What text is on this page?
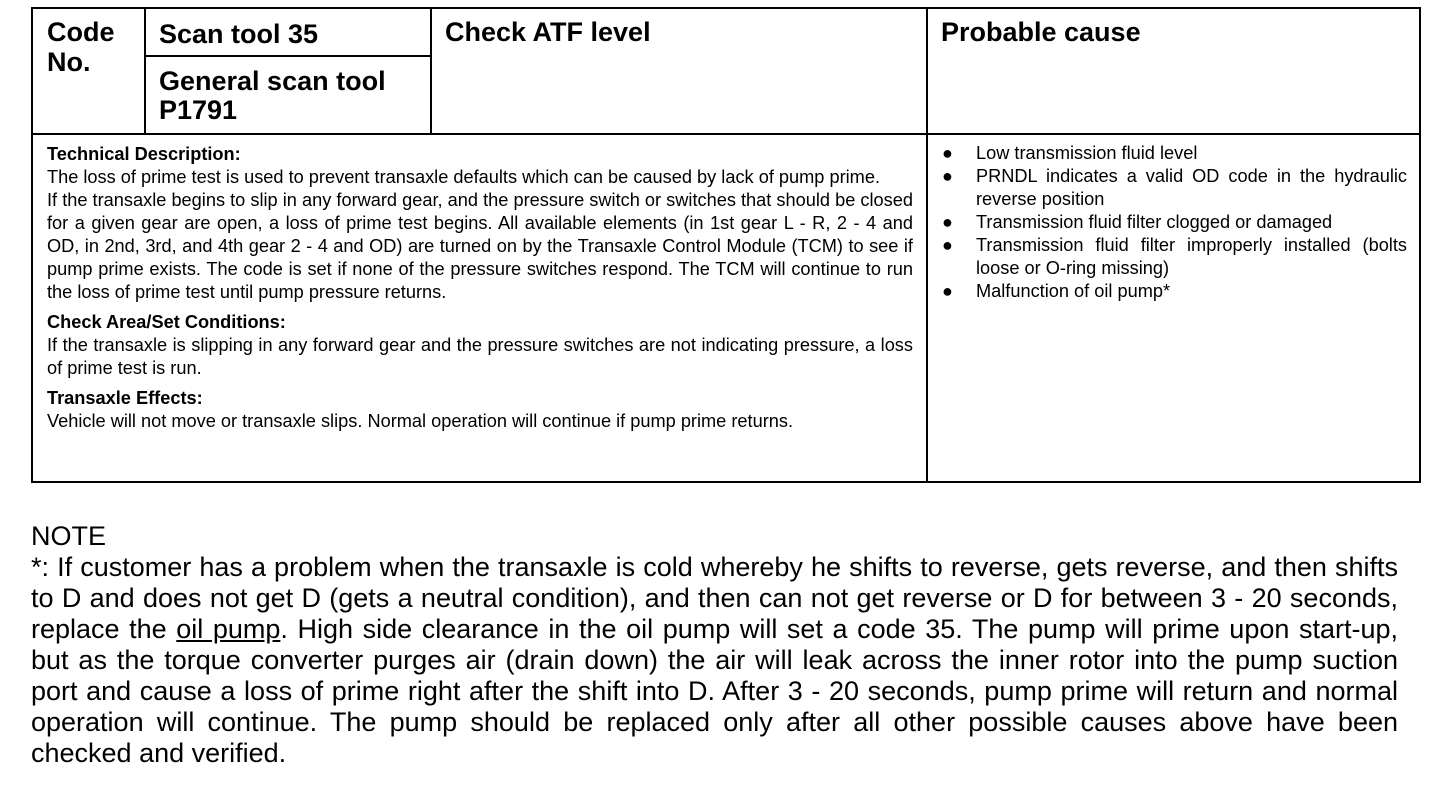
Code No.
Scan tool 35
General scan tool
P1791
Check ATF level	Probable cause
Technical Description:

The loss of prime test is used to prevent transaxle defaults which can be caused by lack of pump prime.

If the transaxle begins to slip in any forward gear, and the pressure switch or switches that should be closed for a given gear are open, a loss of prime test begins. All available elements (in 1st gear L - R, 2 - 4 and OD, in 2nd, 3rd, and 4th gear 2 - 4 and OD) are turned on by the Transaxle Control Module (TCM) to see if pump prime exists. The code is set if none of the pressure switches respond. The TCM will continue to run the loss of prime test until pump pressure returns.

Check Area/Set Conditions:

If the transaxle is slipping in any forward gear and the pressure switches are not indicating pressure, a loss of prime test is run.

Transaxle Effects:

Vehicle will not move or transaxle slips. Normal operation will continue if pump prime returns.

● Low transmission fluid level
● PRNDL indicates a valid OD code in the hydraulic reverse position
● Transmission fluid filter clogged or damaged
● Transmission fluid filter improperly installed (bolts loose or O-ring missing)
● Malfunction of oil pump*
NOTE
*: If customer has a problem when the transaxle is cold whereby he shifts to reverse, gets reverse, and then shifts to D and does not get D (gets a neutral condition), and then can not get reverse or D for between 3 - 20 seconds, replace the oil pump. High side clearance in the oil pump will set a code 35. The pump will prime upon start-up, but as the torque converter purges air (drain down) the air will leak across the inner rotor into the pump suction port and cause a loss of prime right after the shift into D. After 3 - 20 seconds, pump prime will return and normal operation will continue. The pump should be replaced only after all other possible causes above have been checked and verified.
